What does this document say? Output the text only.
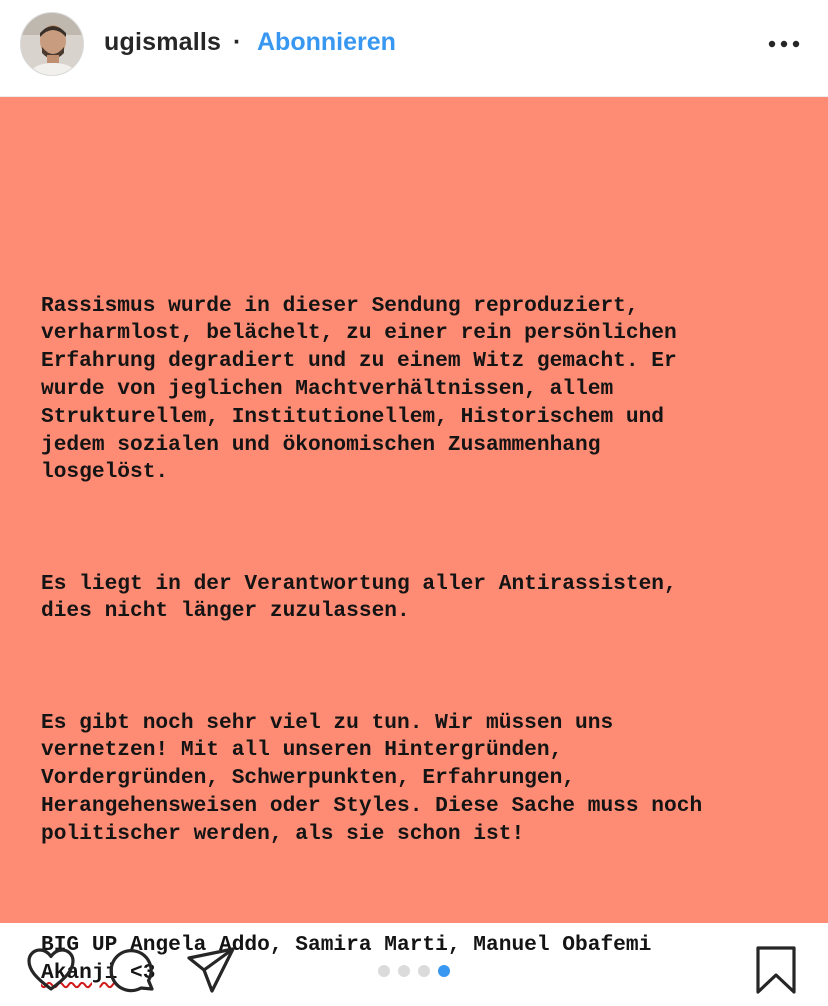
ugismalls · Abonnieren

Rassismus wurde in dieser Sendung reproduziert,
verharmlost, belächelt, zu einer rein persönlichen
Erfahrung degradiert und zu einem Witz gemacht. Er
wurde von jeglichen Machtverhältnissen, allem
Strukturellem, Institutionellem, Historischem und
jedem sozialen und ökonomischen Zusammenhang
losgelöst.

Es liegt in der Verantwortung aller Antirassisten,
dies nicht länger zuzulassen.

Es gibt noch sehr viel zu tun. Wir müssen uns
vernetzen! Mit all unseren Hintergründen,
Vordergründen, Schwerpunkten, Erfahrungen,
Herangehensweisen oder Styles. Diese Sache muss noch
politischer werden, als sie schon ist!

BIG UP Angela Addo, Samira Marti, Manuel Obafemi
Akanji <3
